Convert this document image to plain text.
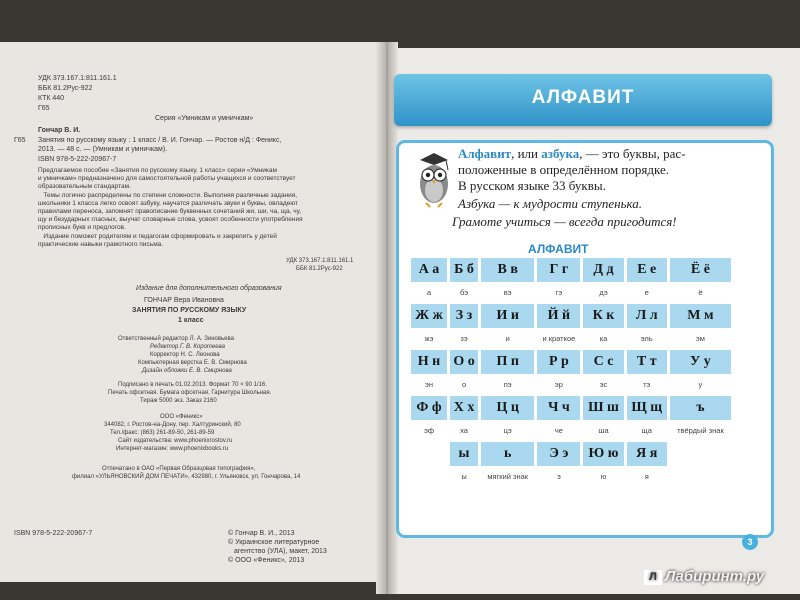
УДК 373.167.1:811.161.1
ББК 81.2Рус-922
КТК 440
Г65
Серия «Умникам и умничкам»
Гончар В. И.
Г65 Занятия по русскому языку : 1 класс / В. И. Гончар. — Ростов н/Д : Феникс,
2013. — 48 с. — (Умникам и умничкам).
ISBN 978-5-222-20967-7
Предлагаемое пособие «Занятия по русскому языку. 1 класс» серии «Умникам
и умничкам» предназначено для самостоятельной работы учащихся и соответствует
образовательным стандартам.
Темы логично распределены по степени сложности. Выполняя различные задания,
школьники 1 класса легко освоят азбуку, научатся различать звуки и буквы, овладеют
правилами переноса, запомнят правописание буквенных сочетаний жи, ши, ча, ща, чу,
щу и безударных гласных, выучат словарные слова, усвоят особенности употребления
прописных букв и предлогов.
Издание поможет родителям и педагогам сформировать и закрепить у детей
практические навыки грамотного письма.
УДК 373.167.1:811.161.1
ББК 81.2Рус-922
Издание для дополнительного образования
ГОНЧАР Вера Ивановна
ЗАНЯТИЯ ПО РУССКОМУ ЯЗЫКУ
1 класс
Ответственный редактор Л. А. Зиновьева
Редактор Г. В. Коротеева
Корректор Н. С. Леонова
Компьютерная верстка Е. В. Смирнова
Дизайн обложки Е. В. Смирнова
Подписано в печать 01.02.2013. Формат 70 × 90 1/16.
Печать офсетная. Бумага офсетная. Гарнитура Школьная.
Тираж 5000 экз. Заказ 2160
ООО «Феникс»
344082, г. Ростов-на-Дону, пер. Халтуринский, 80
Тел./факс: (863) 261-89-50, 261-89-59
Сайт издательства: www.phoenixrostov.ru
Интернет-магазин: www.phoenixbooks.ru
Отпечатано в ОАО «Первая Образцовая типография»,
филиал «УЛЬЯНОВСКИЙ ДОМ ПЕЧАТИ», 432980, г. Ульяновск, ул. Гончарова, 14
ISBN 978-5-222-20967-7	© Гончар В. И., 2013
© Украинское литературное
агентство (УЛА), макет, 2013
© ООО «Феникс», 2013
АЛФАВИТ
Алфавит, или азбука, — это буквы, рас-
положенные в определённом порядке.
В русском языке 33 буквы.
Азбука — к мудрости ступенька.
Грамоте учиться — всегда пригодится!
АЛФАВИТ
А а	Б б	В в	Г г	Д д	Е е	Ё ё
а	бэ	вэ	гэ	дэ	е	ё
Ж ж	З з	И и	Й й	К к	Л л	М м
жэ	зэ	и	и краткое	ка	эль	эм
Н н	О о	П п	Р р	С с	Т т	У у
эн	о	пэ	эр	эс	тэ	у
Ф ф	Х х	Ц ц	Ч ч	Ш ш	Щ щ	ъ
эф	ха	цэ	че	ша	ща	твёрдый знак
	ы	ь	Э э	Ю ю	Я я	
	ы	мягкий знак	э	ю	я	
3
Л Лабиринт.ру
